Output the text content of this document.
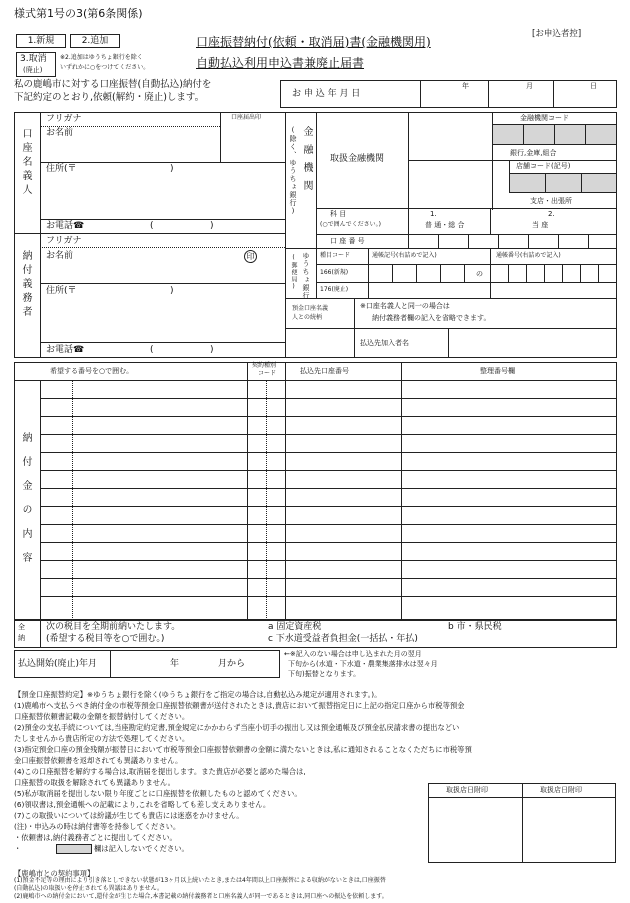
様式第1号の3(第6条関係)
[お申込者控]
1.新規	2.追加
3.取消
(廃止)
※2.追加はゆうちょ銀行を除く
いずれかに○をつけてください。
口座振替納付(依頼・取消届)書(金融機関用)
自動払込利用申込書兼廃止届書
私の鹿嶋市に対する口座振替(自動払込)納付を
下記約定のとおり,依頼(解約・廃止)します。	お 申 込 年 月 日
年	月	日
口座名義人
フリガナ	口座届出印
お名前
住所(〒	)
お電話☎	(	)
納付義務者
フリガナ
お名前	印
住所(〒	)
お電話☎	(	)
金融機関
(除く、ゆうちょ銀行)	取扱金融機関
金融機関コード
銀行,金庫,組合
店舗コード(記号)
支店・出張所
科 目
(○で囲んでください。)
1.
普 通・総 合
2.
当 座
口 座 番 号
ゆうちょ銀行
(郵便局)	種目コード
166(新規)
176(廃止)
通帳記号(右詰めで記入)	通帳番号(右詰めで記入)
の
預金口座名義
人との続柄
※口座名義人と同一の場合は
納付義務者欄の記入を省略できます。
払込先加入者名
希望する番号を○で囲む。
契約種別
コード	払込先口座番号	整理番号欄
納付金の内容
全
納
次の税目を全期前納いたします。
(希望する税目等を○で囲む。)
a 固定資産税	b 市・県民税
c 下水道受益者負担金(一括払・年払)
払込開始(廃止)年月	年	月から
←※記入のない場合は申し込まれた月の翌月
下旬から(水道・下水道・農業集落排水は翌々月
下旬)振替となります。
【預金口座振替約定】※ゆうちょ銀行を除く(ゆうちょ銀行をご指定の場合は,自動払込み規定が適用されます。)。
(1)鹿嶋市へ支払うべき納付金の市税等預金口座振替依頼書が送付されたときは,貴店において振替指定日に上記の指定口座から市税等預金
口座振替依頼書記載の金額を振替納付してください。
(2)預金の支払手続については,当座勘定約定書,預金規定にかかわらず当座小切手の振出し又は預金通帳及び預金払戻請求書の提出などい
たしませんから貴店所定の方法で処理してください。
(3)指定預金口座の預金残額が振替日において市税等預金口座振替依頼書の金額に満たないときは,私に通知されることなくただちに市税等預
金口座振替依頼書を返却されても異議ありません。
(4)この口座振替を解約する場合は,取消届を提出します。また貴店が必要と認めた場合は,
口座振替の取扱を解除されても異議ありません。
(5)私が取消届を提出しない限り年度ごとに口座振替を依頼したものと認めてください。
(6)領収書は,預金通帳への記載により,これを省略しても差し支えありません。
(7)この取扱いについては紛議が生じても貴店には迷惑をかけません。
(注)・申込みの時は納付書等を持参してください。
・依頼書は,納付義務者ごとに提出してください。
・	欄は記入しないでください。
取扱店日附印	取扱店日附印
【鹿嶋市との契約事項】
(1)預金不足等の理由により引き落としできない状態が13ヶ月以上続いたとき,または4年間以上口座振替による収納がないときは,口座振替
(自動払込)の取扱いを停止されても異議はありません。
(2)鹿嶋市への納付金において,還付金が生じた場合,本書記載の納付義務者と口座名義人が同一であるときは,同口座への振込を依頼します。
